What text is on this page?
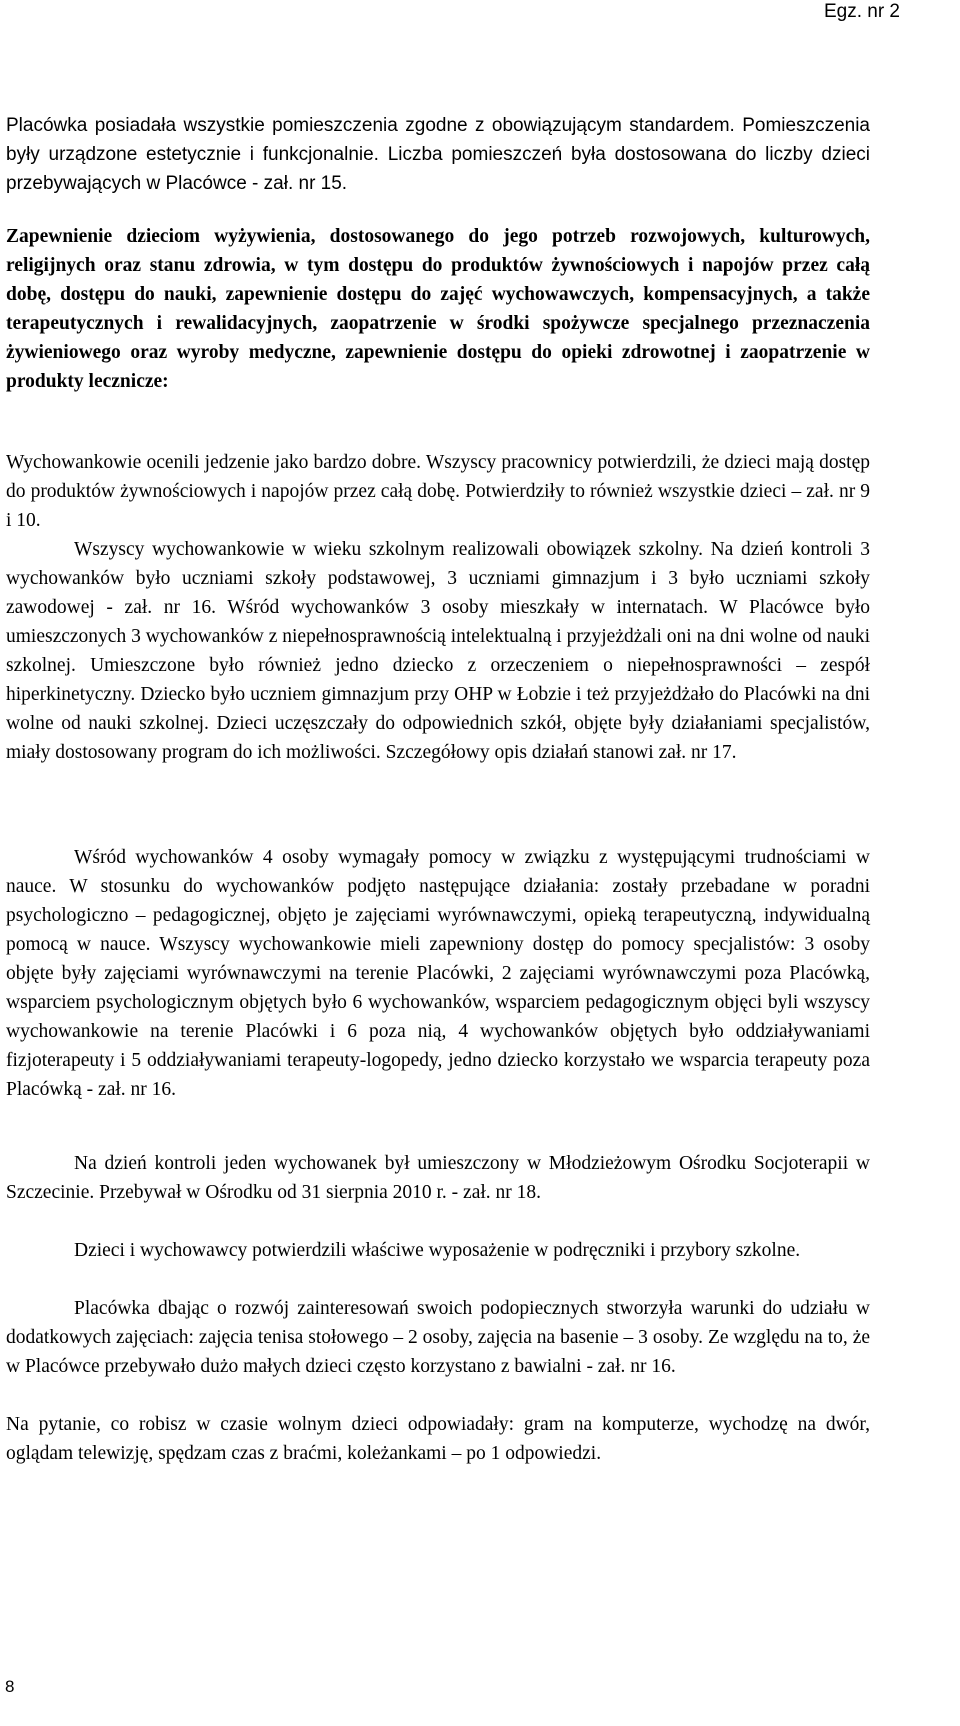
Egz. nr 2

Placówka posiadała wszystkie pomieszczenia zgodne z obowiązującym standardem. Pomieszczenia były urządzone estetycznie i funkcjonalnie. Liczba pomieszczeń była dostosowana do liczby dzieci przebywających w Placówce - zał. nr 15.

Zapewnienie dzieciom wyżywienia, dostosowanego do jego potrzeb rozwojowych, kulturowych, religijnych oraz stanu zdrowia, w tym dostępu do produktów żywnościowych i napojów przez całą dobę, dostępu do nauki, zapewnienie dostępu do zajęć wychowawczych, kompensacyjnych, a także terapeutycznych i rewalidacyjnych, zaopatrzenie w środki spożywcze specjalnego przeznaczenia żywieniowego oraz wyroby medyczne, zapewnienie dostępu do opieki zdrowotnej i zaopatrzenie w produkty lecznicze:

Wychowankowie ocenili jedzenie jako bardzo dobre. Wszyscy pracownicy potwierdzili, że dzieci mają dostęp do produktów żywnościowych i napojów przez całą dobę. Potwierdziły to również wszystkie dzieci – zał. nr 9 i 10.

Wszyscy wychowankowie w wieku szkolnym realizowali obowiązek szkolny. Na dzień kontroli 3 wychowanków było uczniami szkoły podstawowej, 3 uczniami gimnazjum i 3 było uczniami szkoły zawodowej - zał. nr 16. Wśród wychowanków 3 osoby mieszkały w internatach. W Placówce było umieszczonych 3 wychowanków z niepełnosprawnością intelektualną i przyjeżdżali oni na dni wolne od nauki szkolnej. Umieszczone było również jedno dziecko z orzeczeniem o niepełnosprawności – zespół hiperkinetyczny. Dziecko było uczniem gimnazjum przy OHP w Łobzie i też przyjeżdżało do Placówki na dni wolne od nauki szkolnej. Dzieci uczęszczały do odpowiednich szkół, objęte były działaniami specjalistów, miały dostosowany program do ich możliwości. Szczegółowy opis działań stanowi zał. nr 17.

Wśród wychowanków 4 osoby wymagały pomocy w związku z występującymi trudnościami w nauce. W stosunku do wychowanków podjęto następujące działania: zostały przebadane w poradni psychologiczno – pedagogicznej, objęto je zajęciami wyrównawczymi, opieką terapeutyczną, indywidualną pomocą w nauce. Wszyscy wychowankowie mieli zapewniony dostęp do pomocy specjalistów: 3 osoby objęte były zajęciami wyrównawczymi na terenie Placówki, 2 zajęciami wyrównawczymi poza Placówką, wsparciem psychologicznym objętych było 6 wychowanków, wsparciem pedagogicznym objęci byli wszyscy wychowankowie na terenie Placówki i 6 poza nią, 4 wychowanków objętych było oddziaływaniami fizjoterapeuty i 5 oddziaływaniami terapeuty-logopedy, jedno dziecko korzystało we wsparcia terapeuty poza Placówką - zał. nr 16.

Na dzień kontroli jeden wychowanek był umieszczony w Młodzieżowym Ośrodku Socjoterapii w Szczecinie. Przebywał w Ośrodku od 31 sierpnia 2010 r. - zał. nr 18.

Dzieci i wychowawcy potwierdzili właściwe wyposażenie w podręczniki i przybory szkolne.

Placówka dbając o rozwój zainteresowań swoich podopiecznych stworzyła warunki do udziału w dodatkowych zajęciach: zajęcia tenisa stołowego – 2 osoby, zajęcia na basenie – 3 osoby. Ze względu na to, że w Placówce przebywało dużo małych dzieci często korzystano z bawialni - zał. nr 16.

Na pytanie, co robisz w czasie wolnym dzieci odpowiadały: gram na komputerze, wychodzę na dwór, oglądam telewizję, spędzam czas z braćmi, koleżankami – po 1 odpowiedzi.

8
